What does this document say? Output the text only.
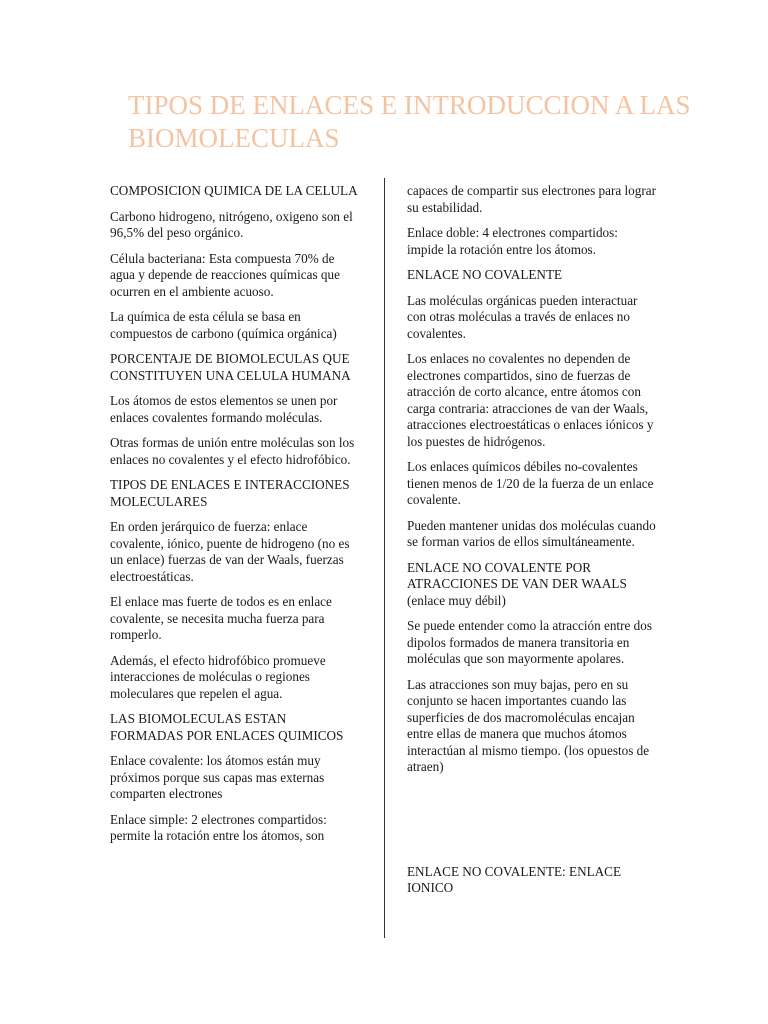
TIPOS DE ENLACES E INTRODUCCION A LAS BIOMOLECULAS

COMPOSICION QUIMICA DE LA CELULA

Carbono hidrogeno, nitrógeno, oxigeno son el 96,5% del peso orgánico.

Célula bacteriana: Esta compuesta 70% de agua y depende de reacciones químicas que ocurren en el ambiente acuoso.

La química de esta célula se basa en compuestos de carbono (química orgánica)

PORCENTAJE DE BIOMOLECULAS QUE CONSTITUYEN UNA CELULA HUMANA

Los átomos de estos elementos se unen por enlaces covalentes formando moléculas.

Otras formas de unión entre moléculas son los enlaces no covalentes y el efecto hidrofóbico.

TIPOS DE ENLACES E INTERACCIONES MOLECULARES

En orden jerárquico de fuerza: enlace covalente, iónico, puente de hidrogeno (no es un enlace) fuerzas de van der Waals, fuerzas electroestáticas.

El enlace mas fuerte de todos es en enlace covalente, se necesita mucha fuerza para romperlo.

Además, el efecto hidrofóbico promueve interacciones de moléculas o regiones moleculares que repelen el agua.

LAS BIOMOLECULAS ESTAN FORMADAS POR ENLACES QUIMICOS

Enlace covalente: los átomos están muy próximos porque sus capas mas externas comparten electrones

Enlace simple: 2 electrones compartidos: permite la rotación entre los átomos, son

capaces de compartir sus electrones para lograr su estabilidad.

Enlace doble: 4 electrones compartidos: impide la rotación entre los átomos.

ENLACE NO COVALENTE

Las moléculas orgánicas pueden interactuar con otras moléculas a través de enlaces no covalentes.

Los enlaces no covalentes no dependen de electrones compartidos, sino de fuerzas de atracción de corto alcance, entre átomos con carga contraria: atracciones de van der Waals, atracciones electroestáticas o enlaces iónicos y los puestes de hidrógenos.

Los enlaces químicos débiles no-covalentes tienen menos de 1/20 de la fuerza de un enlace covalente.

Pueden mantener unidas dos moléculas cuando se forman varios de ellos simultáneamente.

ENLACE NO COVALENTE POR ATRACCIONES DE VAN DER WAALS (enlace muy débil)

Se puede entender como la atracción entre dos dipolos formados de manera transitoria en moléculas que son mayormente apolares.

Las atracciones son muy bajas, pero en su conjunto se hacen importantes cuando las superficies de dos macromoléculas encajan entre ellas de manera que muchos átomos interactúan al mismo tiempo. (los opuestos de atraen)

ENLACE NO COVALENTE: ENLACE IONICO
